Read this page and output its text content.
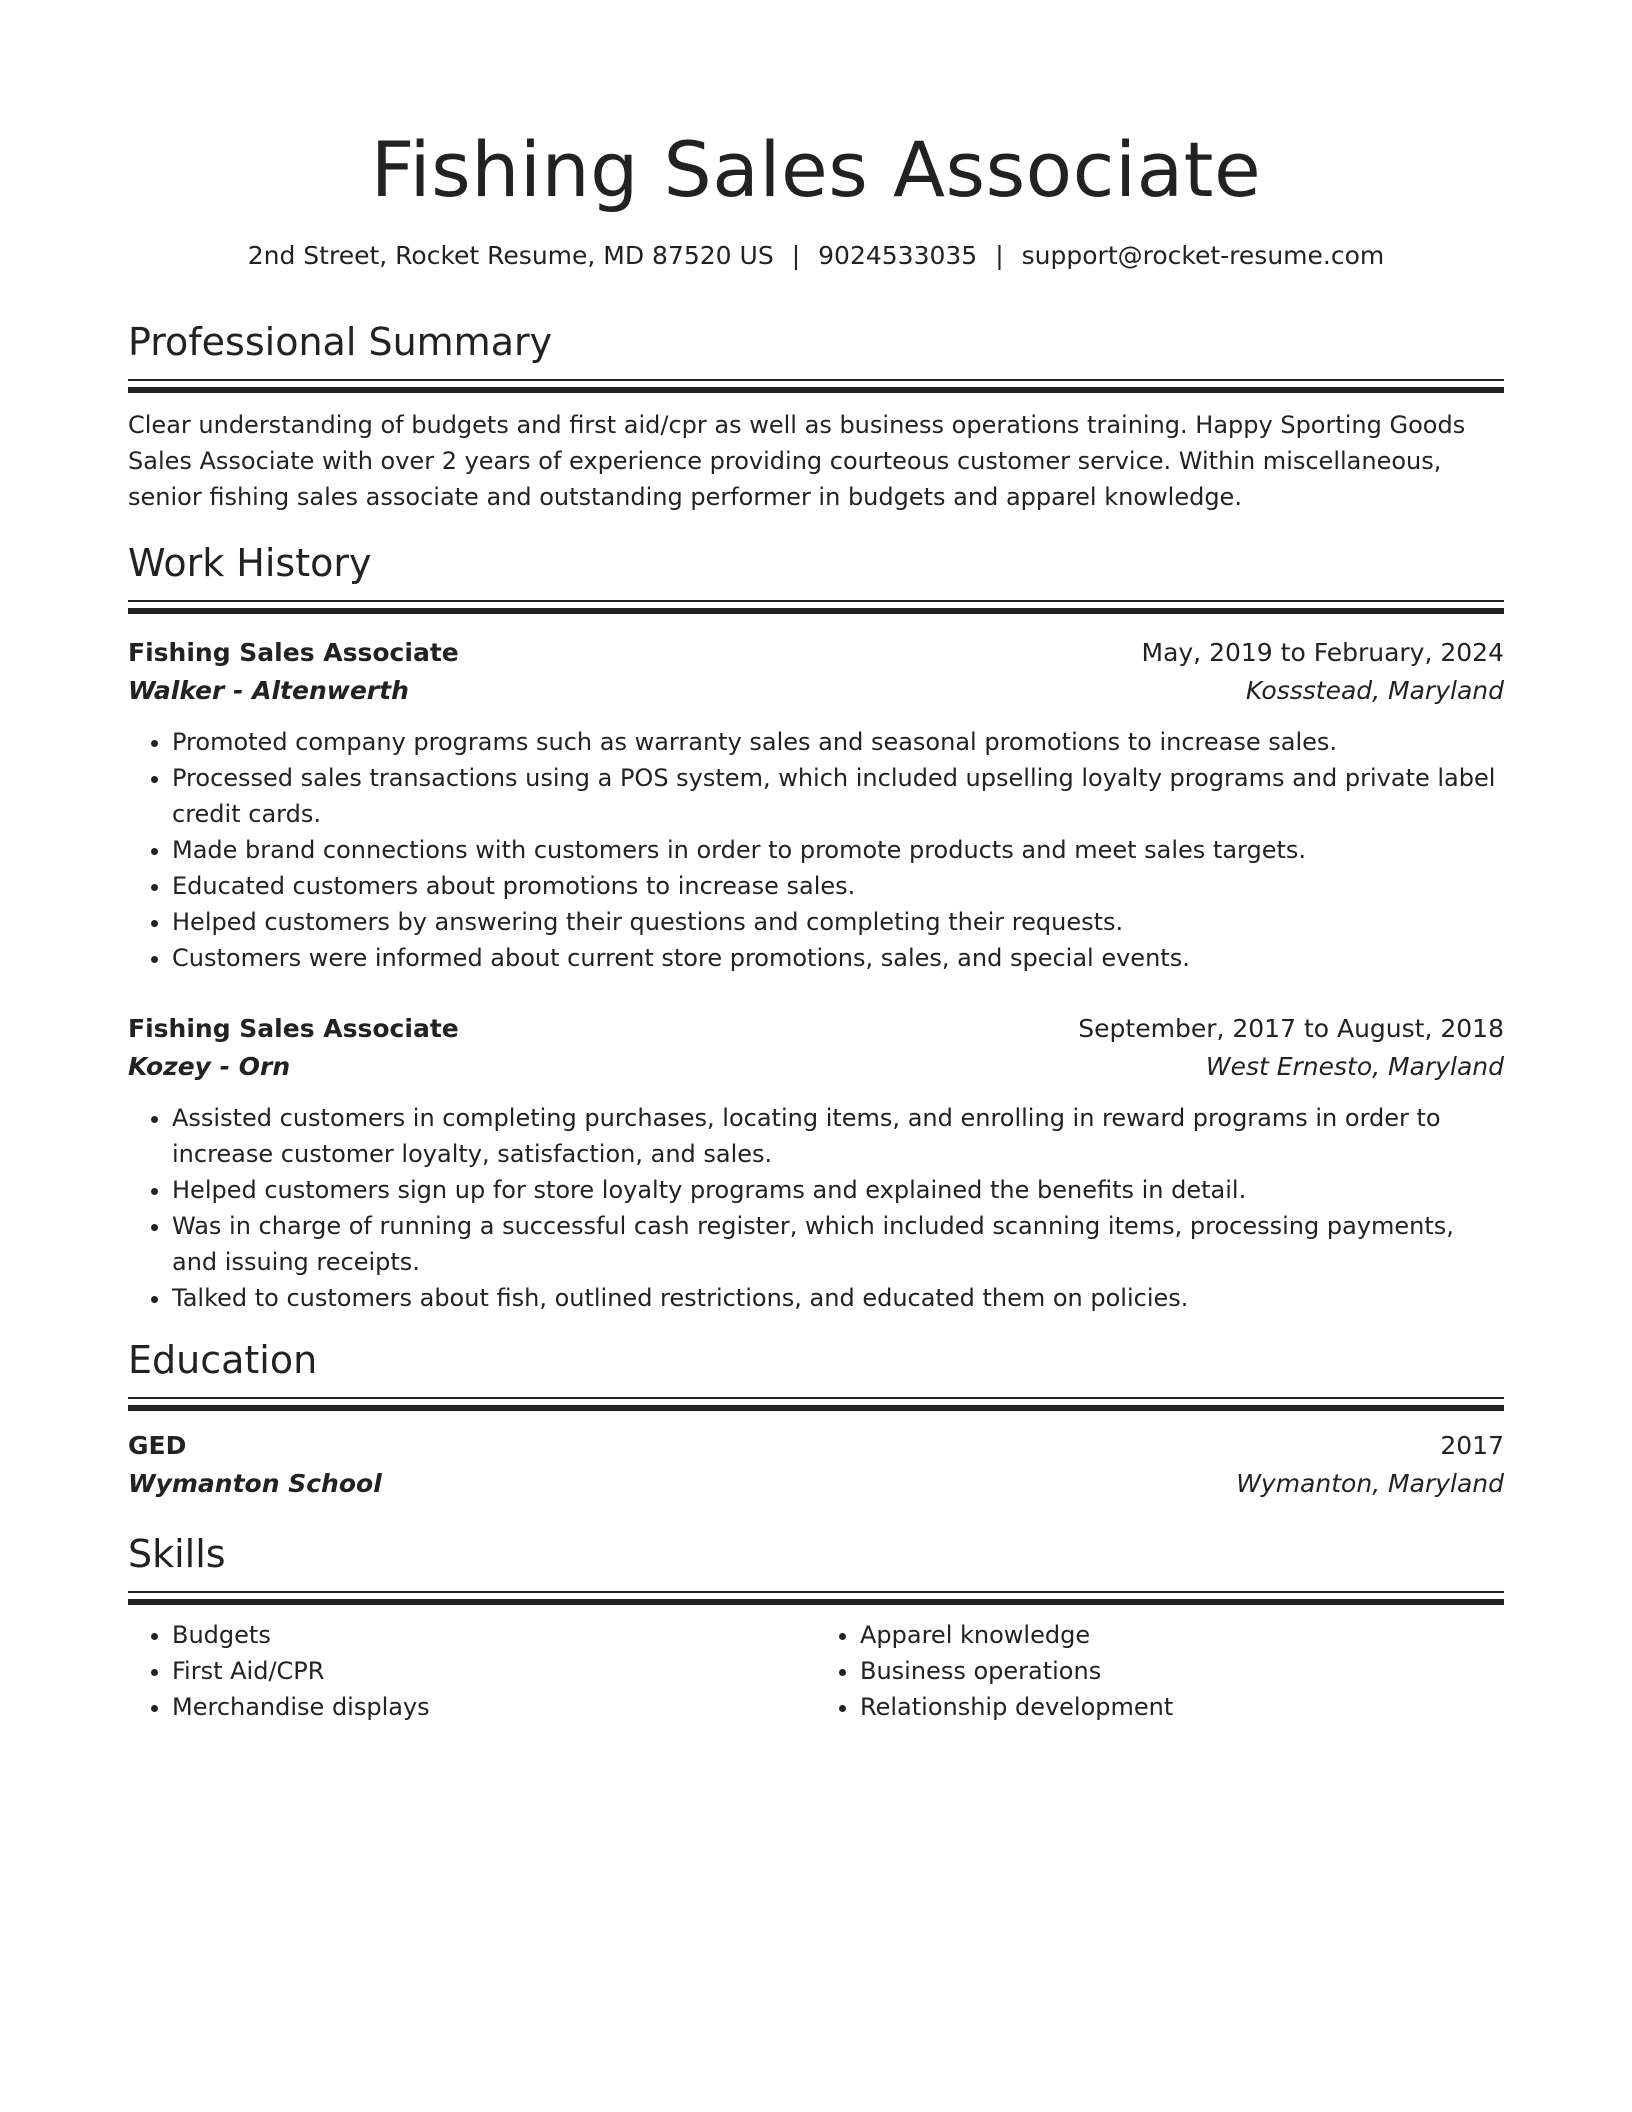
Fishing Sales Associate
2nd Street, Rocket Resume, MD 87520 US | 9024533035 | support@rocket-resume.com
Professional Summary
Clear understanding of budgets and first aid/cpr as well as business operations training. Happy Sporting Goods Sales Associate with over 2 years of experience providing courteous customer service. Within miscellaneous, senior fishing sales associate and outstanding performer in budgets and apparel knowledge.
Work History
Fishing Sales Associate	May, 2019 to February, 2024
Walker - Altenwerth	Kossstead, Maryland
• Promoted company programs such as warranty sales and seasonal promotions to increase sales.
• Processed sales transactions using a POS system, which included upselling loyalty programs and private label credit cards.
• Made brand connections with customers in order to promote products and meet sales targets.
• Educated customers about promotions to increase sales.
• Helped customers by answering their questions and completing their requests.
• Customers were informed about current store promotions, sales, and special events.
Fishing Sales Associate	September, 2017 to August, 2018
Kozey - Orn	West Ernesto, Maryland
• Assisted customers in completing purchases, locating items, and enrolling in reward programs in order to increase customer loyalty, satisfaction, and sales.
• Helped customers sign up for store loyalty programs and explained the benefits in detail.
• Was in charge of running a successful cash register, which included scanning items, processing payments, and issuing receipts.
• Talked to customers about fish, outlined restrictions, and educated them on policies.
Education
GED	2017
Wymanton School	Wymanton, Maryland
Skills
• Budgets
• First Aid/CPR
• Merchandise displays
• Apparel knowledge
• Business operations
• Relationship development
